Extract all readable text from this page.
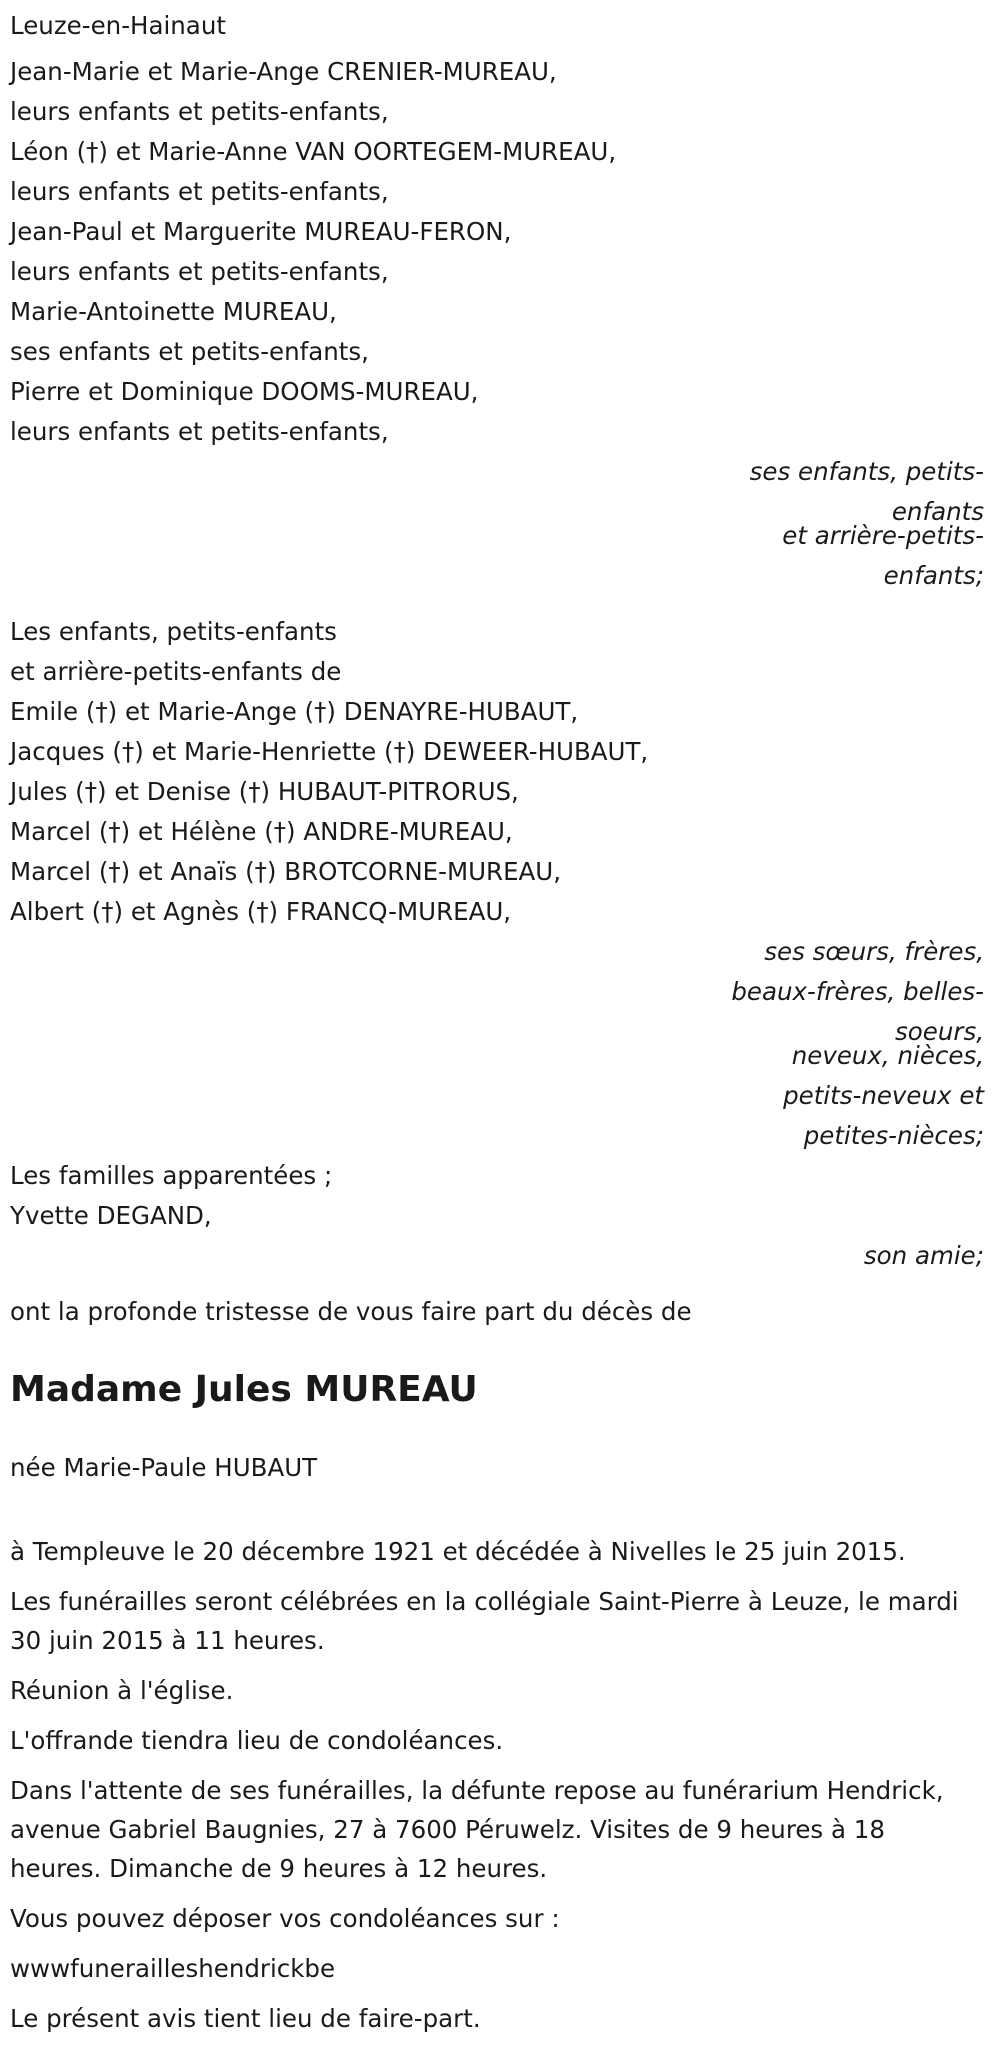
Leuze-en-Hainaut
Jean-Marie et Marie-Ange CRENIER-MUREAU,
leurs enfants et petits-enfants,
Léon (†) et Marie-Anne VAN OORTEGEM-MUREAU,
leurs enfants et petits-enfants,
Jean-Paul et Marguerite MUREAU-FERON,
leurs enfants et petits-enfants,
Marie-Antoinette MUREAU,
ses enfants et petits-enfants,
Pierre et Dominique DOOMS-MUREAU,
leurs enfants et petits-enfants,
ses enfants, petits-
enfants
et arrière-petits-
enfants;
Les enfants, petits-enfants
et arrière-petits-enfants de
Emile (†) et Marie-Ange (†) DENAYRE-HUBAUT,
Jacques (†) et Marie-Henriette (†) DEWEER-HUBAUT,
Jules (†) et Denise (†) HUBAUT-PITRORUS,
Marcel (†) et Hélène (†) ANDRE-MUREAU,
Marcel (†) et Anaïs (†) BROTCORNE-MUREAU,
Albert (†) et Agnès (†) FRANCQ-MUREAU,
ses sœurs, frères,
beaux-frères, belles-
soeurs,
neveux, nièces,
petits-neveux et
petites-nièces;
Les familles apparentées ;
Yvette DEGAND,
son amie;
ont la profonde tristesse de vous faire part du décès de
Madame Jules MUREAU
née Marie-Paule HUBAUT

à Templeuve le 20 décembre 1921 et décédée à Nivelles le 25 juin 2015.

Les funérailles seront célébrées en la collégiale Saint-Pierre à Leuze, le mardi 30 juin 2015 à 11 heures.

Réunion à l'église.

L'offrande tiendra lieu de condoléances.

Dans l'attente de ses funérailles, la défunte repose au funérarium Hendrick, avenue Gabriel Baugnies, 27 à 7600 Péruwelz. Visites de 9 heures à 18 heures. Dimanche de 9 heures à 12 heures.

Vous pouvez déposer vos condoléances sur :

wwwfunerailleshendrickbe

Le présent avis tient lieu de faire-part.
